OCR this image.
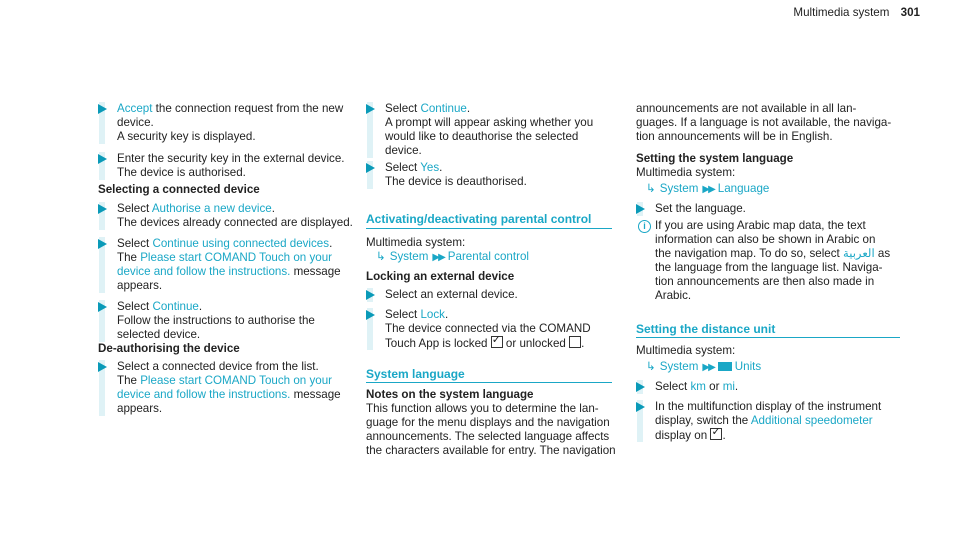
Multimedia system 301
Accept the connection request from the new device.
A security key is displayed.
Enter the security key in the external device.
The device is authorised.
Selecting a connected device
Select Authorise a new device.
The devices already connected are displayed.
Select Continue using connected devices.
The Please start COMAND Touch on your
device and follow the instructions. message
appears.
Select Continue.
Follow the instructions to authorise the
selected device.
De-authorising the device
Select a connected device from the list.
The Please start COMAND Touch on your
device and follow the instructions. message
appears.
Select Continue.
A prompt will appear asking whether you
would like to deauthorise the selected
device.
Select Yes.
The device is deauthorised.
Activating/deactivating parental control
Multimedia system:
↳ System ▶▶ Parental control
Locking an external device
Select an external device.
Select Lock.
The device connected via the COMAND
Touch App is locked ✓ or unlocked .
System language
Notes on the system language
This function allows you to determine the lan-
guage for the menu displays and the navigation
announcements. The selected language affects
the characters available for entry. The navigation
announcements are not available in all lan-
guages. If a language is not available, the naviga-
tion announcements will be in English.
Setting the system language
Multimedia system:
↳ System ▶▶ Language
Set the language.
i If you are using Arabic map data, the text
information can also be shown in Arabic on
the navigation map. To do so, select العربية as
the language from the language list. Naviga-
tion announcements are then also made in
Arabic.
Setting the distance unit
Multimedia system:
↳ System ▶▶ Units
Select km or mi.
In the multifunction display of the instrument
display, switch the Additional speedometer
display on ✓.
